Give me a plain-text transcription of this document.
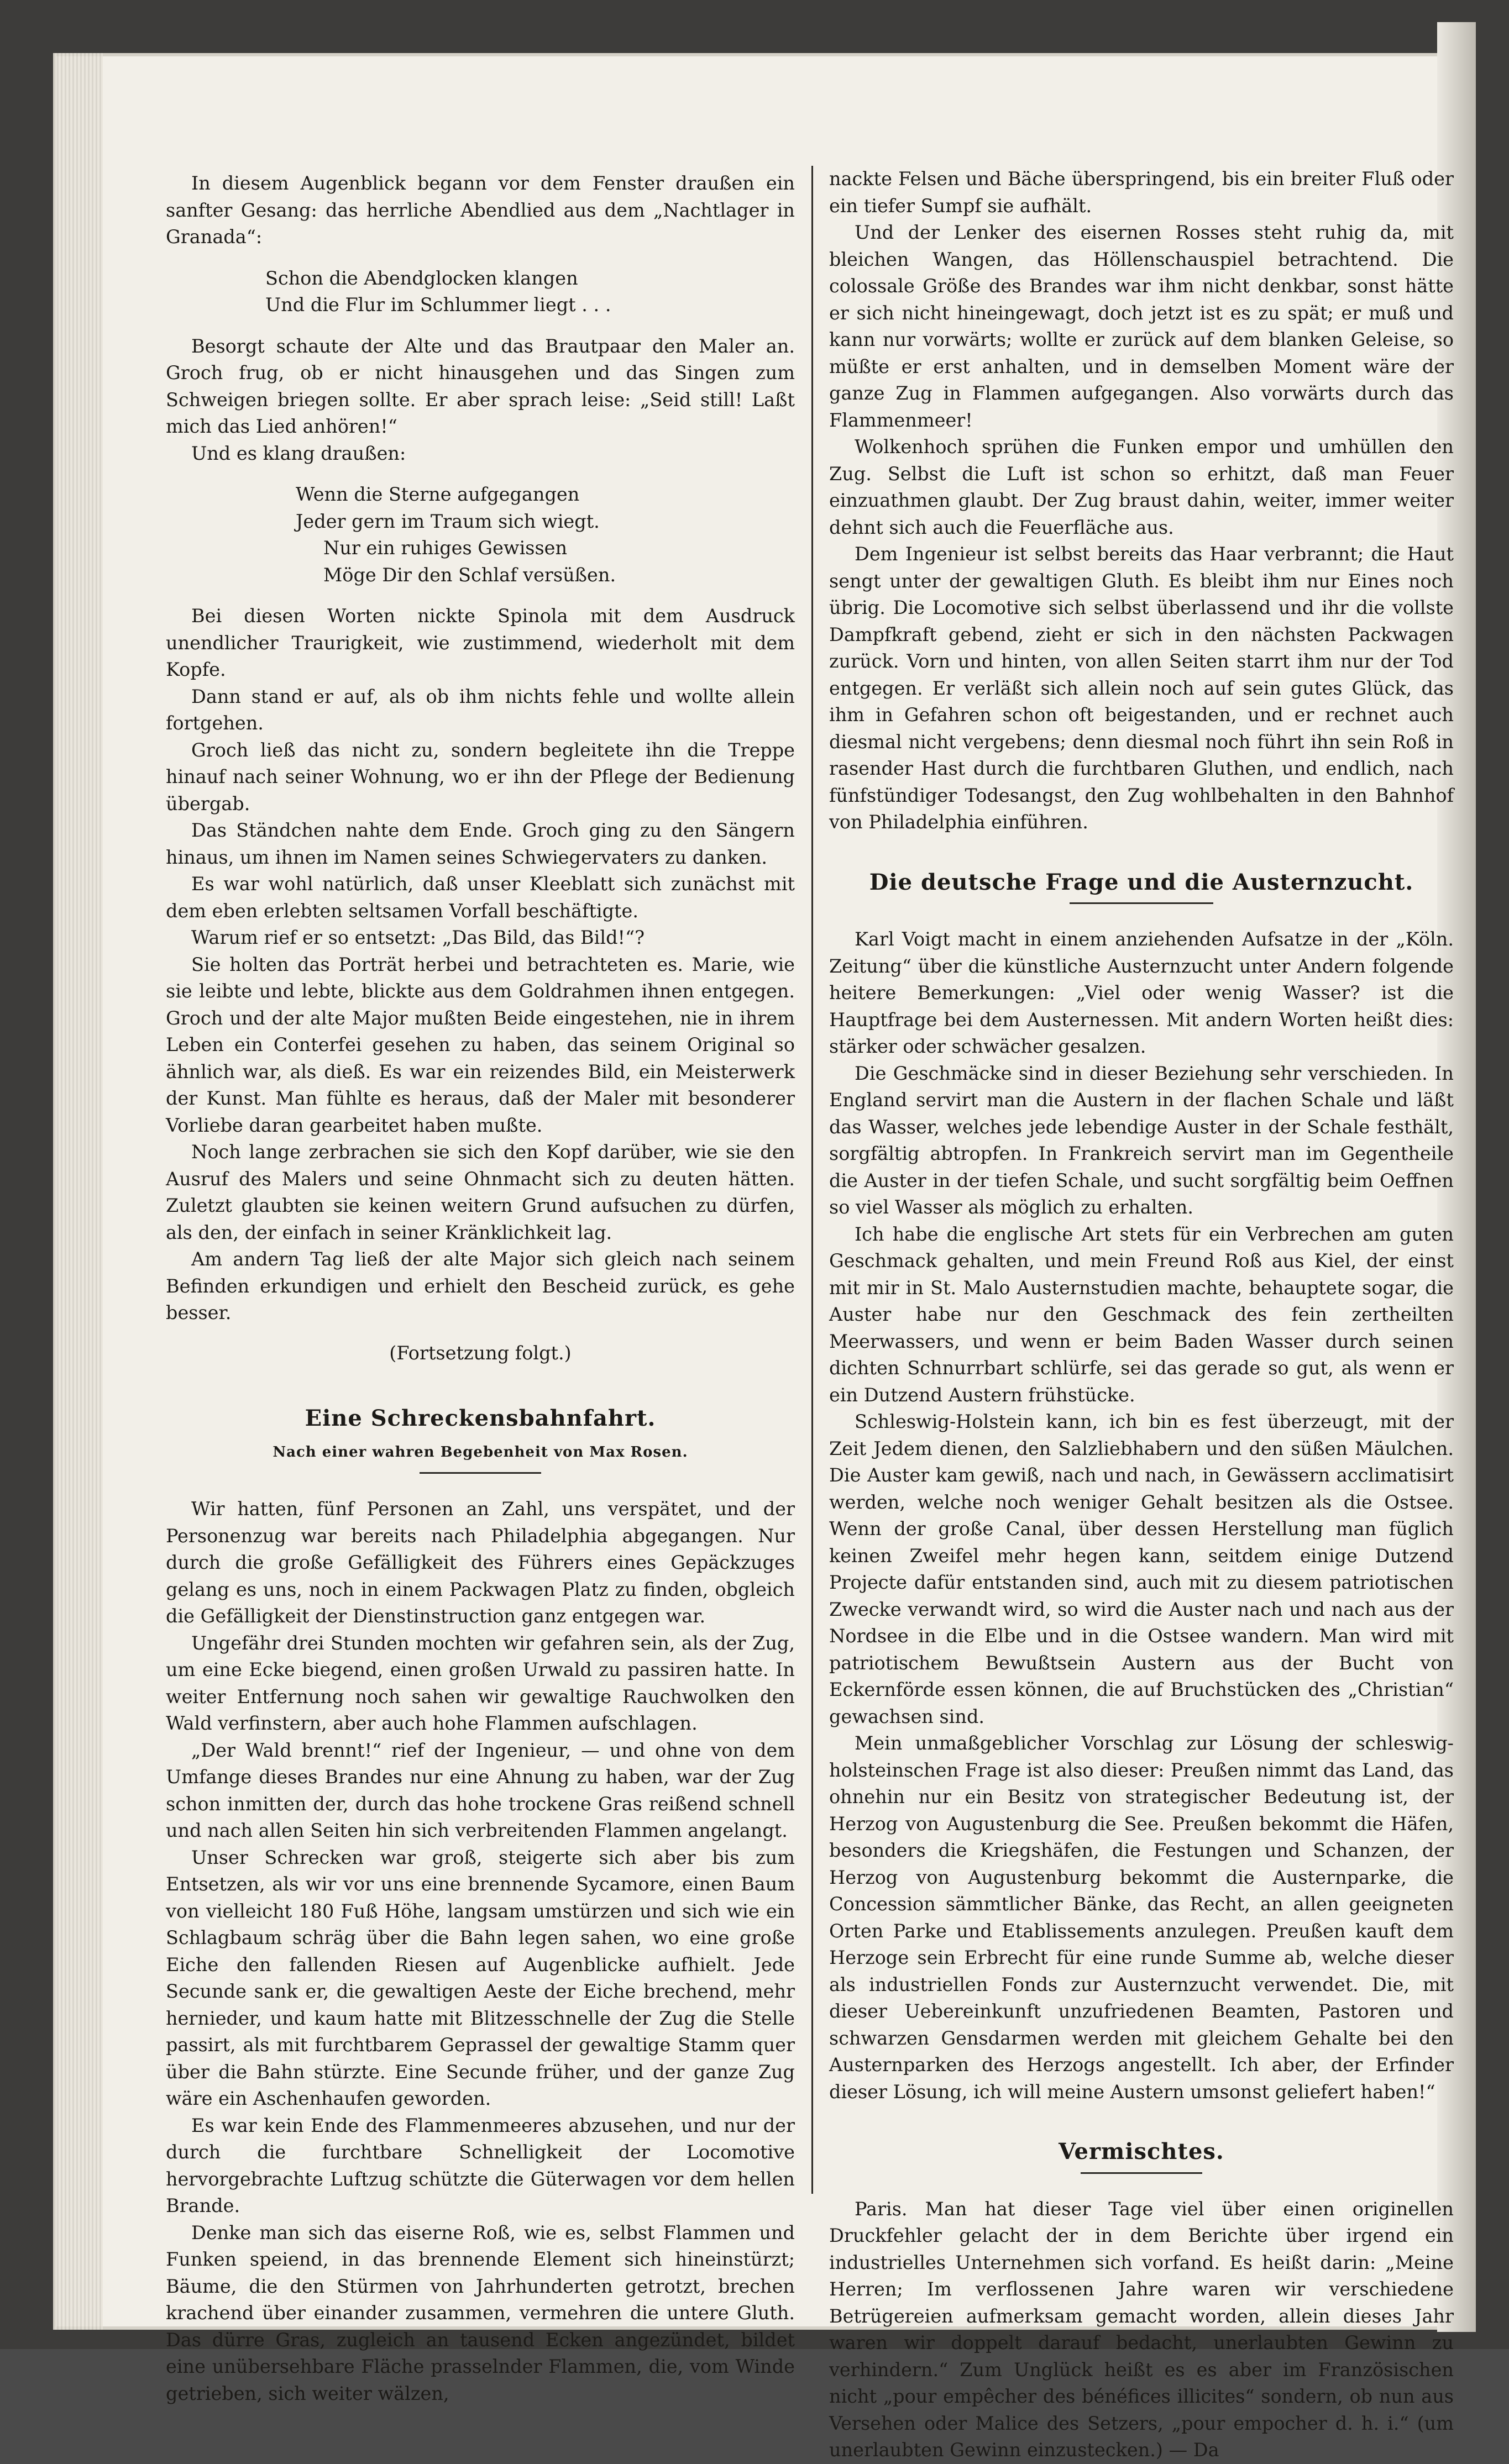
In diesem Augenblick begann vor dem Fenster draußen ein sanfter Gesang: das herrliche Abendlied aus dem „Nachtlager in Granada“:

Schon die Abendglocken klangen
Und die Flur im Schlummer liegt . . .

Besorgt schaute der Alte und das Brautpaar den Maler an. Groch frug, ob er nicht hinausgehen und das Singen zum Schweigen briegen sollte. Er aber sprach leise: „Seid still! Laßt mich das Lied anhören!“

Und es klang draußen:

Wenn die Sterne aufgegangen
Jeder gern im Traum sich wiegt.
Nur ein ruhiges Gewissen
Möge Dir den Schlaf versüßen.

Bei diesen Worten nickte Spinola mit dem Ausdruck unendlicher Traurigkeit, wie zustimmend, wiederholt mit dem Kopfe.

Dann stand er auf, als ob ihm nichts fehle und wollte allein fortgehen.

Groch ließ das nicht zu, sondern begleitete ihn die Treppe hinauf nach seiner Wohnung, wo er ihn der Pflege der Bedienung übergab.

Das Ständchen nahte dem Ende. Groch ging zu den Sängern hinaus, um ihnen im Namen seines Schwiegervaters zu danken.

Es war wohl natürlich, daß unser Kleeblatt sich zunächst mit dem eben erlebten seltsamen Vorfall beschäftigte.

Warum rief er so entsetzt: „Das Bild, das Bild!“?

Sie holten das Porträt herbei und betrachteten es. Marie, wie sie leibte und lebte, blickte aus dem Goldrahmen ihnen entgegen. Groch und der alte Major mußten Beide eingestehen, nie in ihrem Leben ein Conterfei gesehen zu haben, das seinem Original so ähnlich war, als dieß. Es war ein reizendes Bild, ein Meisterwerk der Kunst. Man fühlte es heraus, daß der Maler mit besonderer Vorliebe daran gearbeitet haben mußte.

Noch lange zerbrachen sie sich den Kopf darüber, wie sie den Ausruf des Malers und seine Ohnmacht sich zu deuten hätten. Zuletzt glaubten sie keinen weitern Grund aufsuchen zu dürfen, als den, der einfach in seiner Kränklichkeit lag.

Am andern Tag ließ der alte Major sich gleich nach seinem Befinden erkundigen und erhielt den Bescheid zurück, es gehe besser.

(Fortsetzung folgt.)

Eine Schreckensbahnfahrt.
Nach einer wahren Begebenheit von Max Rosen.

Wir hatten, fünf Personen an Zahl, uns verspätet, und der Personenzug war bereits nach Philadelphia abgegangen. Nur durch die große Gefälligkeit des Führers eines Gepäckzuges gelang es uns, noch in einem Packwagen Platz zu finden, obgleich die Gefälligkeit der Dienstinstruction ganz entgegen war.

Ungefähr drei Stunden mochten wir gefahren sein, als der Zug, um eine Ecke biegend, einen großen Urwald zu passiren hatte. In weiter Entfernung noch sahen wir gewaltige Rauchwolken den Wald verfinstern, aber auch hohe Flammen aufschlagen.

„Der Wald brennt!“ rief der Ingenieur, — und ohne von dem Umfange dieses Brandes nur eine Ahnung zu haben, war der Zug schon inmitten der, durch das hohe trockene Gras reißend schnell und nach allen Seiten hin sich verbreitenden Flammen angelangt.

Unser Schrecken war groß, steigerte sich aber bis zum Entsetzen, als wir vor uns eine brennende Sycamore, einen Baum von vielleicht 180 Fuß Höhe, langsam umstürzen und sich wie ein Schlagbaum schräg über die Bahn legen sahen, wo eine große Eiche den fallenden Riesen auf Augenblicke aufhielt. Jede Secunde sank er, die gewaltigen Aeste der Eiche brechend, mehr hernieder, und kaum hatte mit Blitzesschnelle der Zug die Stelle passirt, als mit furchtbarem Geprassel der gewaltige Stamm quer über die Bahn stürzte. Eine Secunde früher, und der ganze Zug wäre ein Aschenhaufen geworden.

Es war kein Ende des Flammenmeeres abzusehen, und nur der durch die furchtbare Schnelligkeit der Locomotive hervorgebrachte Luftzug schützte die Güterwagen vor dem hellen Brande.

Denke man sich das eiserne Roß, wie es, selbst Flammen und Funken speiend, in das brennende Element sich hineinstürzt; Bäume, die den Stürmen von Jahrhunderten getrotzt, brechen krachend über einander zusammen, vermehren die untere Gluth. Das dürre Gras, zugleich an tausend Ecken angezündet, bildet eine unübersehbare Fläche prasselnder Flammen, die, vom Winde getrieben, sich weiter wälzen,

nackte Felsen und Bäche überspringend, bis ein breiter Fluß oder ein tiefer Sumpf sie aufhält.

Und der Lenker des eisernen Rosses steht ruhig da, mit bleichen Wangen, das Höllenschauspiel betrachtend. Die colossale Größe des Brandes war ihm nicht denkbar, sonst hätte er sich nicht hineingewagt, doch jetzt ist es zu spät; er muß und kann nur vorwärts; wollte er zurück auf dem blanken Geleise, so müßte er erst anhalten, und in demselben Moment wäre der ganze Zug in Flammen aufgegangen. Also vorwärts durch das Flammenmeer!

Wolkenhoch sprühen die Funken empor und umhüllen den Zug. Selbst die Luft ist schon so erhitzt, daß man Feuer einzuathmen glaubt. Der Zug braust dahin, weiter, immer weiter dehnt sich auch die Feuerfläche aus.

Dem Ingenieur ist selbst bereits das Haar verbrannt; die Haut sengt unter der gewaltigen Gluth. Es bleibt ihm nur Eines noch übrig. Die Locomotive sich selbst überlassend und ihr die vollste Dampfkraft gebend, zieht er sich in den nächsten Packwagen zurück. Vorn und hinten, von allen Seiten starrt ihm nur der Tod entgegen. Er verläßt sich allein noch auf sein gutes Glück, das ihm in Gefahren schon oft beigestanden, und er rechnet auch diesmal nicht vergebens; denn diesmal noch führt ihn sein Roß in rasender Hast durch die furchtbaren Gluthen, und endlich, nach fünfstündiger Todesangst, den Zug wohlbehalten in den Bahnhof von Philadelphia einführen.

Die deutsche Frage und die Austernzucht.

Karl Voigt macht in einem anziehenden Aufsatze in der „Köln. Zeitung“ über die künstliche Austernzucht unter Andern folgende heitere Bemerkungen: „Viel oder wenig Wasser? ist die Hauptfrage bei dem Austernessen. Mit andern Worten heißt dies: stärker oder schwächer gesalzen.

Die Geschmäcke sind in dieser Beziehung sehr verschieden. In England servirt man die Austern in der flachen Schale und läßt das Wasser, welches jede lebendige Auster in der Schale festhält, sorgfältig abtropfen. In Frankreich servirt man im Gegentheile die Auster in der tiefen Schale, und sucht sorgfältig beim Oeffnen so viel Wasser als möglich zu erhalten.

Ich habe die englische Art stets für ein Verbrechen am guten Geschmack gehalten, und mein Freund Roß aus Kiel, der einst mit mir in St. Malo Austernstudien machte, behauptete sogar, die Auster habe nur den Geschmack des fein zertheilten Meerwassers, und wenn er beim Baden Wasser durch seinen dichten Schnurrbart schlürfe, sei das gerade so gut, als wenn er ein Dutzend Austern frühstücke.

Schleswig-Holstein kann, ich bin es fest überzeugt, mit der Zeit Jedem dienen, den Salzliebhabern und den süßen Mäulchen. Die Auster kam gewiß, nach und nach, in Gewässern acclimatisirt werden, welche noch weniger Gehalt besitzen als die Ostsee. Wenn der große Canal, über dessen Herstellung man füglich keinen Zweifel mehr hegen kann, seitdem einige Dutzend Projecte dafür entstanden sind, auch mit zu diesem patriotischen Zwecke verwandt wird, so wird die Auster nach und nach aus der Nordsee in die Elbe und in die Ostsee wandern. Man wird mit patriotischem Bewußtsein Austern aus der Bucht von Eckernförde essen können, die auf Bruchstücken des „Christian“ gewachsen sind.

Mein unmaßgeblicher Vorschlag zur Lösung der schleswig-holsteinschen Frage ist also dieser: Preußen nimmt das Land, das ohnehin nur ein Besitz von strategischer Bedeutung ist, der Herzog von Augustenburg die See. Preußen bekommt die Häfen, besonders die Kriegshäfen, die Festungen und Schanzen, der Herzog von Augustenburg bekommt die Austernparke, die Concession sämmtlicher Bänke, das Recht, an allen geeigneten Orten Parke und Etablissements anzulegen. Preußen kauft dem Herzoge sein Erbrecht für eine runde Summe ab, welche dieser als industriellen Fonds zur Austernzucht verwendet. Die, mit dieser Uebereinkunft unzufriedenen Beamten, Pastoren und schwarzen Gensdarmen werden mit gleichem Gehalte bei den Austernparken des Herzogs angestellt. Ich aber, der Erfinder dieser Lösung, ich will meine Austern umsonst geliefert haben!“

Vermischtes.

Paris. Man hat dieser Tage viel über einen originellen Druckfehler gelacht der in dem Berichte über irgend ein industrielles Unternehmen sich vorfand. Es heißt darin: „Meine Herren; Im verflossenen Jahre waren wir verschiedene Betrügereien aufmerksam gemacht worden, allein dieses Jahr waren wir doppelt darauf bedacht, unerlaubten Gewinn zu verhindern.“ Zum Unglück heißt es es aber im Französischen nicht „pour empêcher des bénéfices illicites“ sondern, ob nun aus Versehen oder Malice des Setzers, „pour empocher d. h. i.“ (um unerlaubten Gewinn einzustecken.) — Da
